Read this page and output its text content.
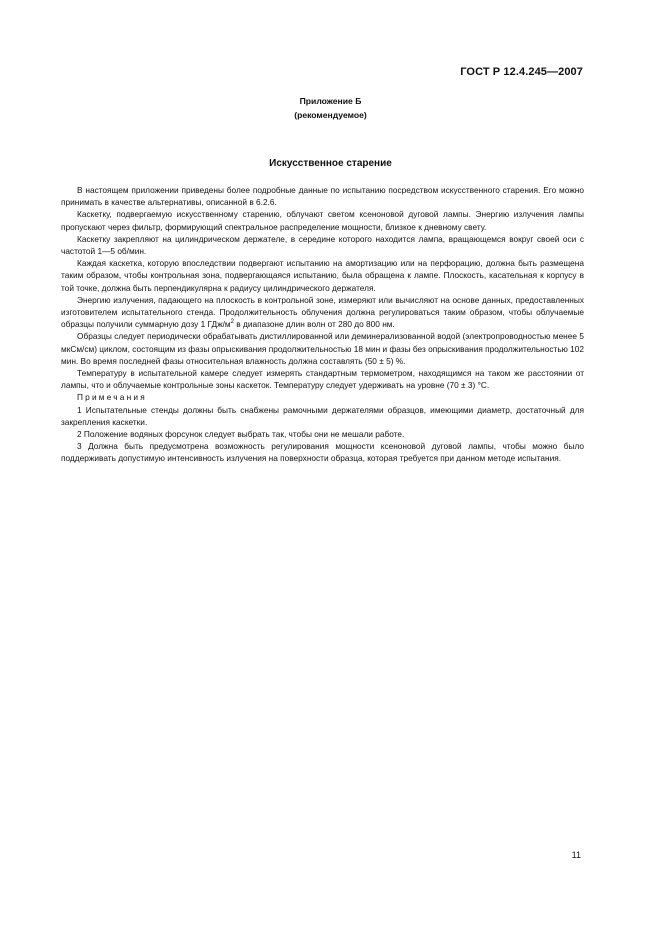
ГОСТ Р 12.4.245—2007
Приложение Б
(рекомендуемое)
Искусственное старение

В настоящем приложении приведены более подробные данные по испытанию посредством искусственного старения. Его можно принимать в качестве альтернативы, описанной в 6.2.6.

Каскетку, подвергаемую искусственному старению, облучают светом ксеноновой дуговой лампы. Энергию излучения лампы пропускают через фильтр, формирующий спектральное распределение мощности, близкое к дневному свету.

Каскетку закрепляют на цилиндрическом держателе, в середине которого находится лампа, вращающемся вокруг своей оси с частотой 1—5 об/мин.

Каждая каскетка, которую впоследствии подвергают испытанию на амортизацию или на перфорацию, должна быть размещена таким образом, чтобы контрольная зона, подвергающаяся испытанию, была обращена к лампе. Плоскость, касательная к корпусу в той точке, должна быть перпендикулярна к радиусу цилиндрического держателя.

Энергию излучения, падающего на плоскость в контрольной зоне, измеряют или вычисляют на основе данных, предоставленных изготовителем испытательного стенда. Продолжительность облучения должна регулироваться таким образом, чтобы облучаемые образцы получили суммарную дозу 1 ГДж/$м^2$ в диапазоне длин волн от 280 до 800 нм.

Образцы следует периодически обрабатывать дистиллированной или деминерализованной водой (электропроводностью менее 5 мкСм/см) циклом, состоящим из фазы опрыскивания продолжительностью 18 мин и фазы без опрыскивания продолжительностью 102 мин. Во время последней фазы относительная влажность должна составлять (50 ± 5) %.

Температуру в испытательной камере следует измерять стандартным термометром, находящимся на таком же расстоянии от лампы, что и облучаемые контрольные зоны каскеток. Температуру следует удерживать на уровне (70 ± 3) °С.

Примечания

1 Испытательные стенды должны быть снабжены рамочными держателями образцов, имеющими диаметр, достаточный для закрепления каскетки.

2 Положение водяных форсунок следует выбрать так, чтобы они не мешали работе.

3 Должна быть предусмотрена возможность регулирования мощности ксеноновой дуговой лампы, чтобы можно было поддерживать допустимую интенсивность излучения на поверхности образца, которая требуется при данном методе испытания.

11
